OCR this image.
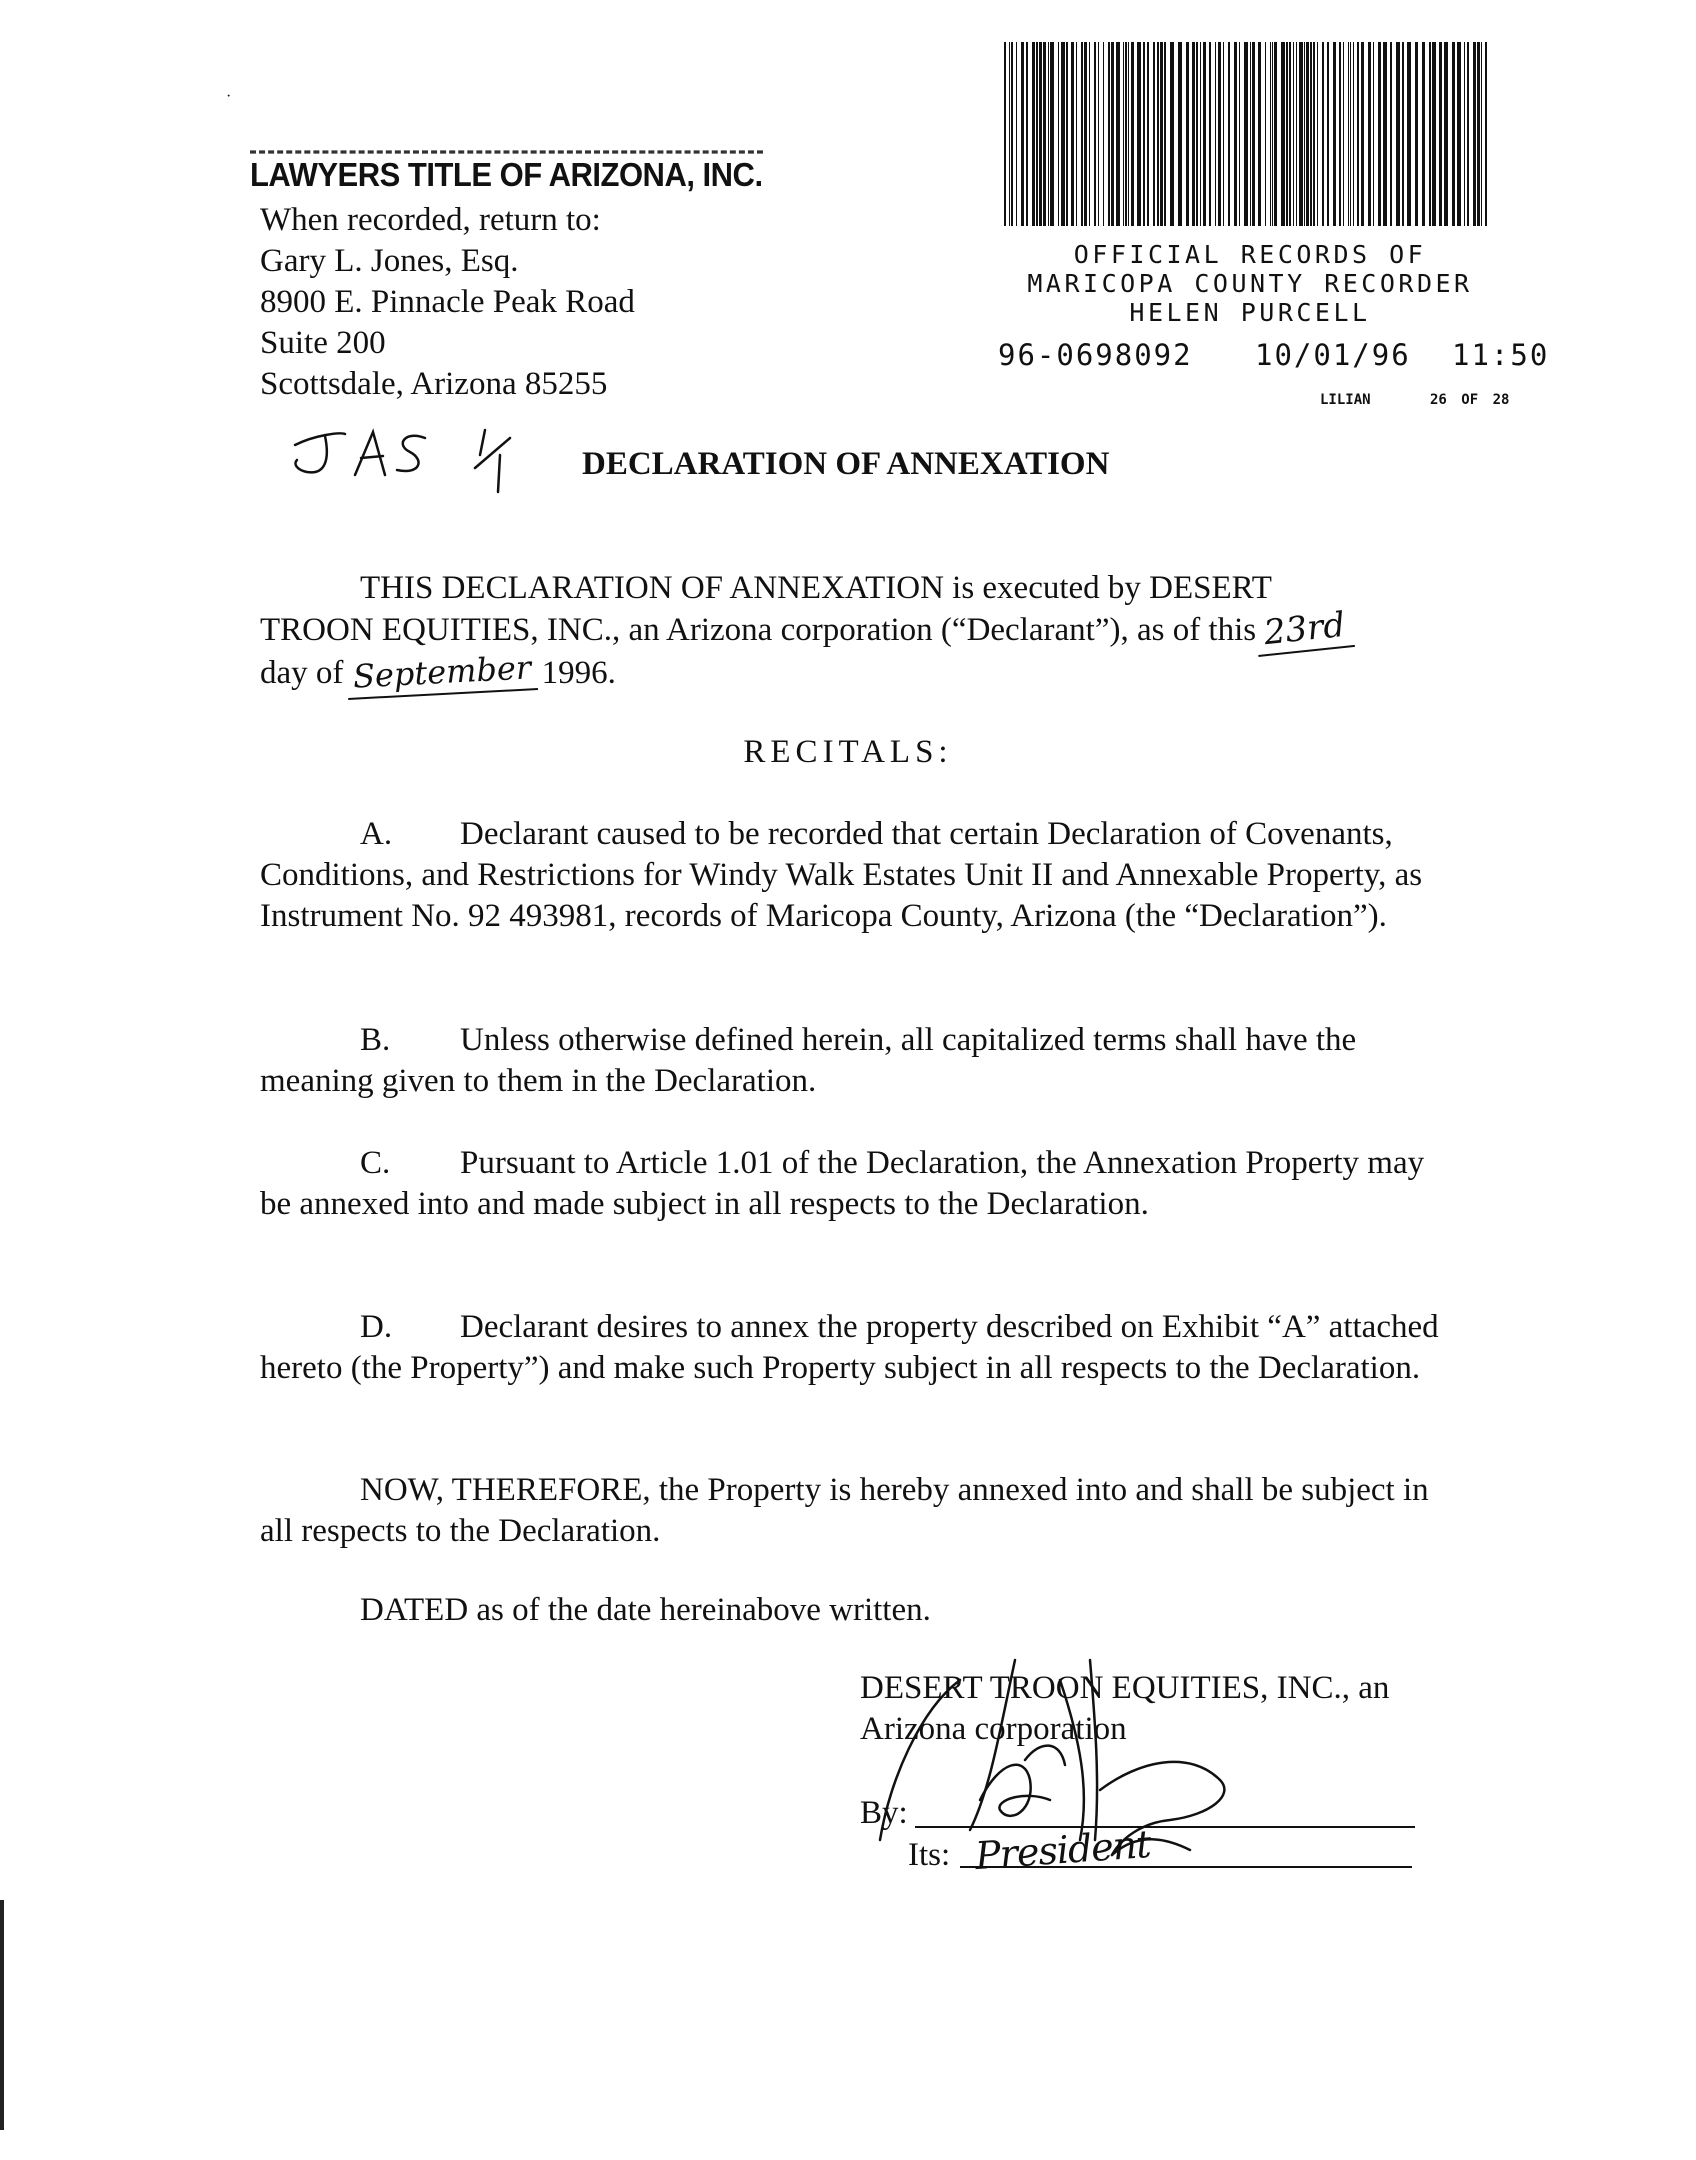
LAWYERS TITLE OF ARIZONA, INC.
When recorded, return to:
Gary L. Jones, Esq.
8900 E. Pinnacle Peak Road
Suite 200
Scottsdale, Arizona 85255
OFFICIAL RECORDS OF
MARICOPA COUNTY RECORDER
HELEN PURCELL
96-0698092 10/01/96 11:50
LILIAN	26 OF 28
DECLARATION OF ANNEXATION
THIS DECLARATION OF ANNEXATION is executed by DESERT
TROON EQUITIES, INC., an Arizona corporation (“Declarant”), as of this 23rd
day of September 1996.
RECITALS:
A. Declarant caused to be recorded that certain Declaration of Covenants, Conditions, and Restrictions for Windy Walk Estates Unit II and Annexable Property, as Instrument No. 92 493981, records of Maricopa County, Arizona (the “Declaration”).
B. Unless otherwise defined herein, all capitalized terms shall have the meaning given to them in the Declaration.
C. Pursuant to Article 1.01 of the Declaration, the Annexation Property may be annexed into and made subject in all respects to the Declaration.
D. Declarant desires to annex the property described on Exhibit “A” attached hereto (the Property”) and make such Property subject in all respects to the Declaration.
NOW, THEREFORE, the Property is hereby annexed into and shall be subject in all respects to the Declaration.
DATED as of the date hereinabove written.
DESERT TROON EQUITIES, INC., an
Arizona corporation
By:
Its: President
·
